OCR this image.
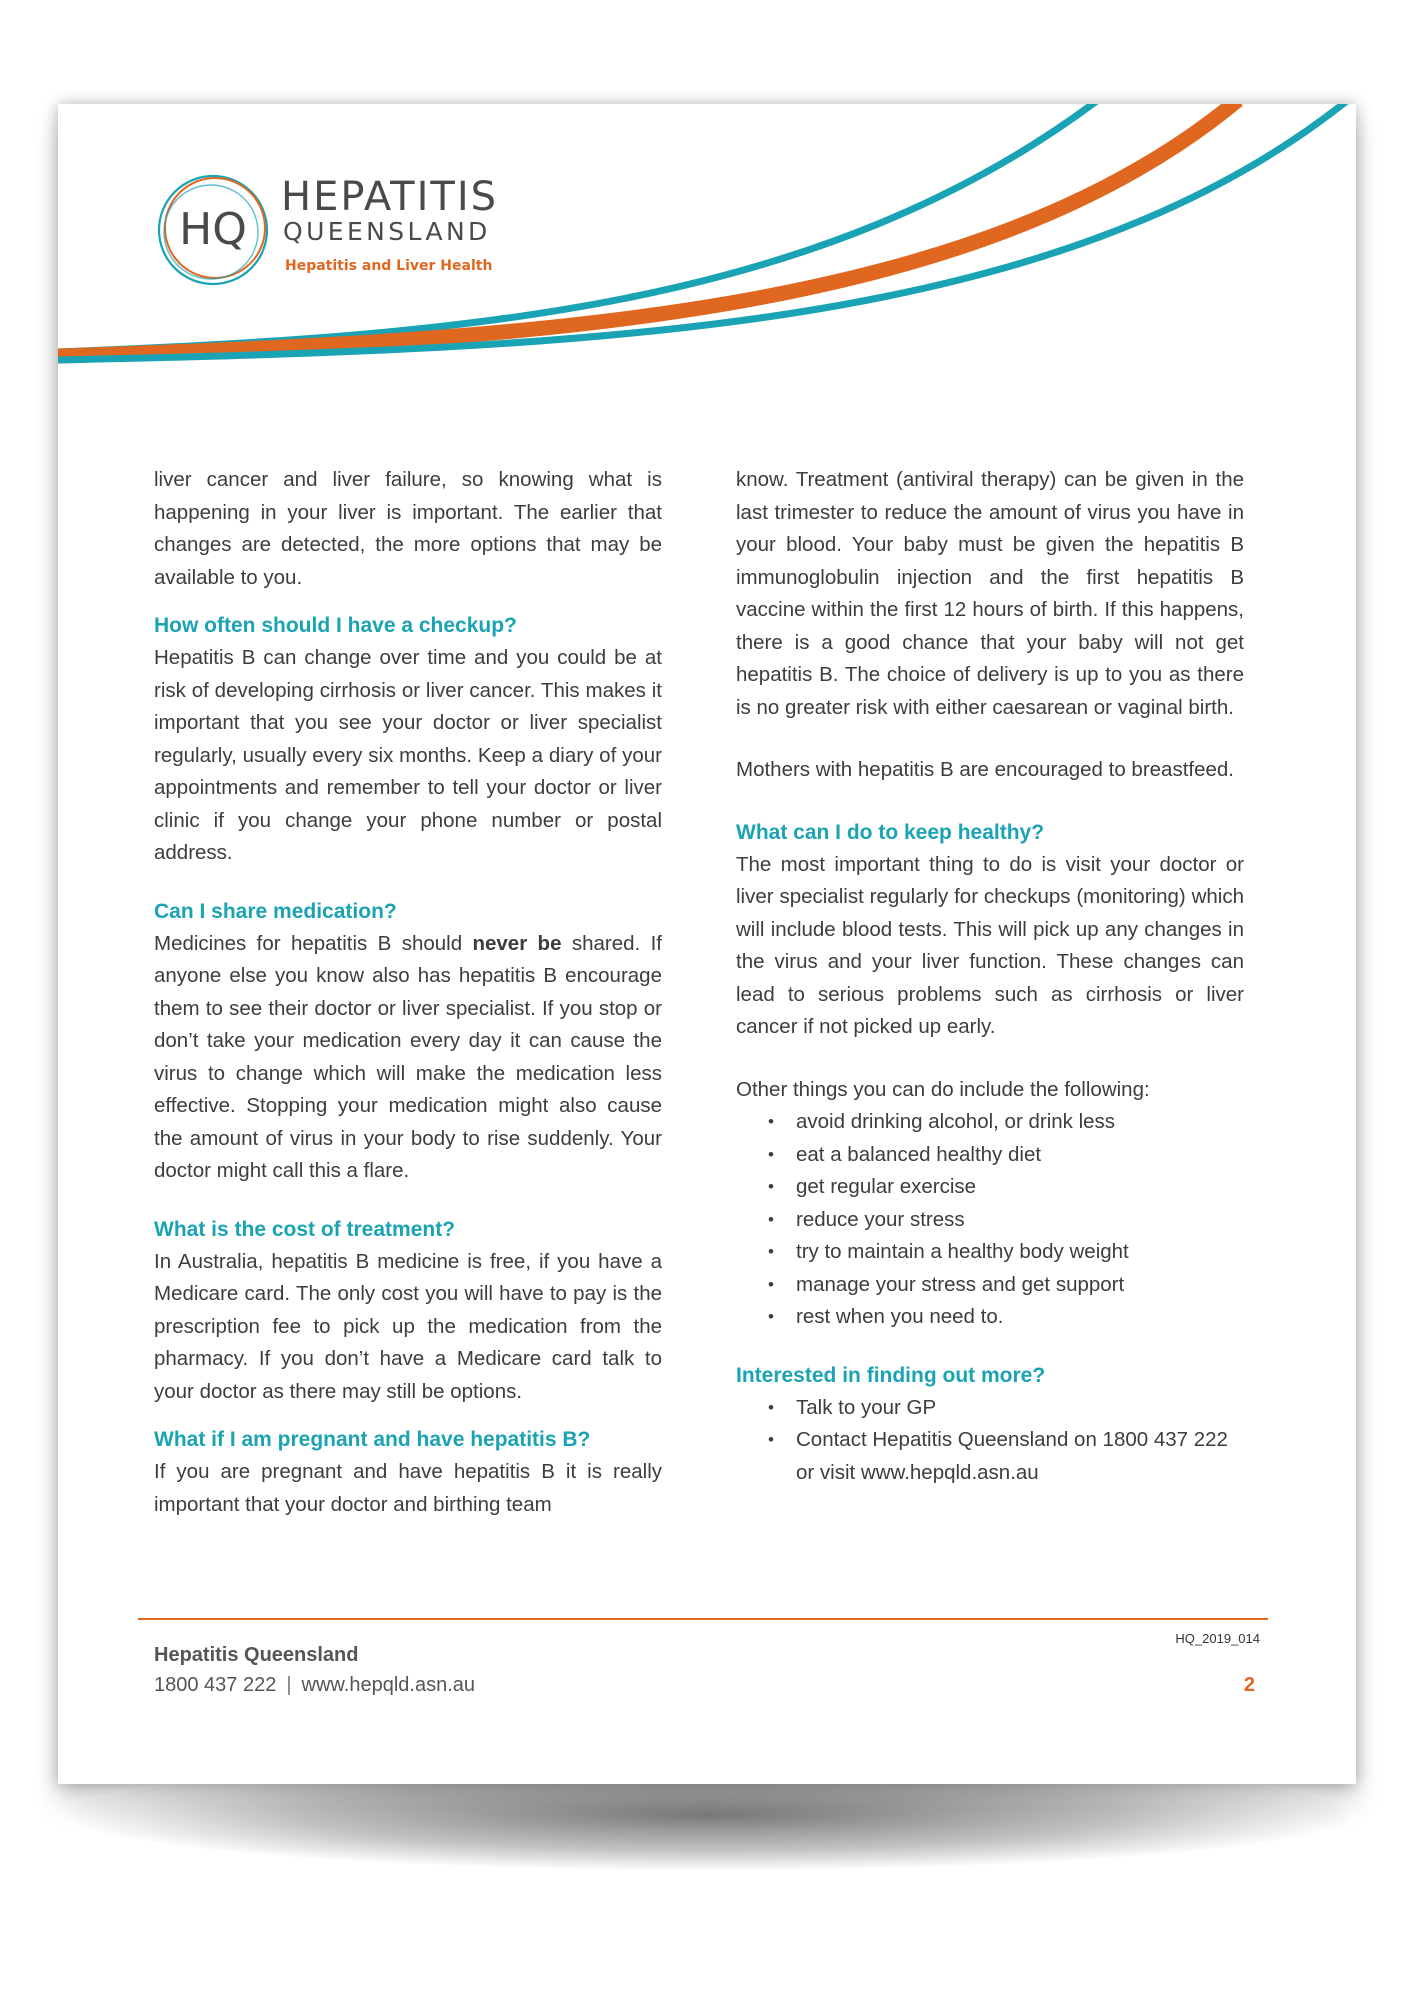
HQ
HEPATITIS
QUEENSLAND
Hepatitis and Liver Health

liver cancer and liver failure, so knowing what is happening in your liver is important. The earlier that changes are detected, the more options that may be available to you.

How often should I have a checkup?

Hepatitis B can change over time and you could be at risk of developing cirrhosis or liver cancer. This makes it important that you see your doctor or liver specialist regularly, usually every six months. Keep a diary of your appointments and remember to tell your doctor or liver clinic if you change your phone number or postal address.

Can I share medication?

Medicines for hepatitis B should never be shared. If anyone else you know also has hepatitis B encourage them to see their doctor or liver specialist. If you stop or don’t take your medication every day it can cause the virus to change which will make the medication less effective. Stopping your medication might also cause the amount of virus in your body to rise suddenly. Your doctor might call this a flare.

What is the cost of treatment?

In Australia, hepatitis B medicine is free, if you have a Medicare card. The only cost you will have to pay is the prescription fee to pick up the medication from the pharmacy. If you don’t have a Medicare card talk to your doctor as there may still be options.

What if I am pregnant and have hepatitis B?

If you are pregnant and have hepatitis B it is really important that your doctor and birthing team

know. Treatment (antiviral therapy) can be given in the last trimester to reduce the amount of virus you have in your blood. Your baby must be given the hepatitis B immunoglobulin injection and the first hepatitis B vaccine within the first 12 hours of birth. If this happens, there is a good chance that your baby will not get hepatitis B. The choice of delivery is up to you as there is no greater risk with either caesarean or vaginal birth.

Mothers with hepatitis B are encouraged to breastfeed.

What can I do to keep healthy?

The most important thing to do is visit your doctor or liver specialist regularly for checkups (monitoring) which will include blood tests. This will pick up any changes in the virus and your liver function. These changes can lead to serious problems such as cirrhosis or liver cancer if not picked up early.

Other things you can do include the following:

• avoid drinking alcohol, or drink less
• eat a balanced healthy diet
• get regular exercise
• reduce your stress
• try to maintain a healthy body weight
• manage your stress and get support
• rest when you need to.
Interested in finding out more?
• Talk to your GP
• Contact Hepatitis Queensland on 1800 437 222 or visit www.hepqld.asn.au
Hepatitis Queensland
1800 437 222 | www.hepqld.asn.au
HQ_2019_014
2
